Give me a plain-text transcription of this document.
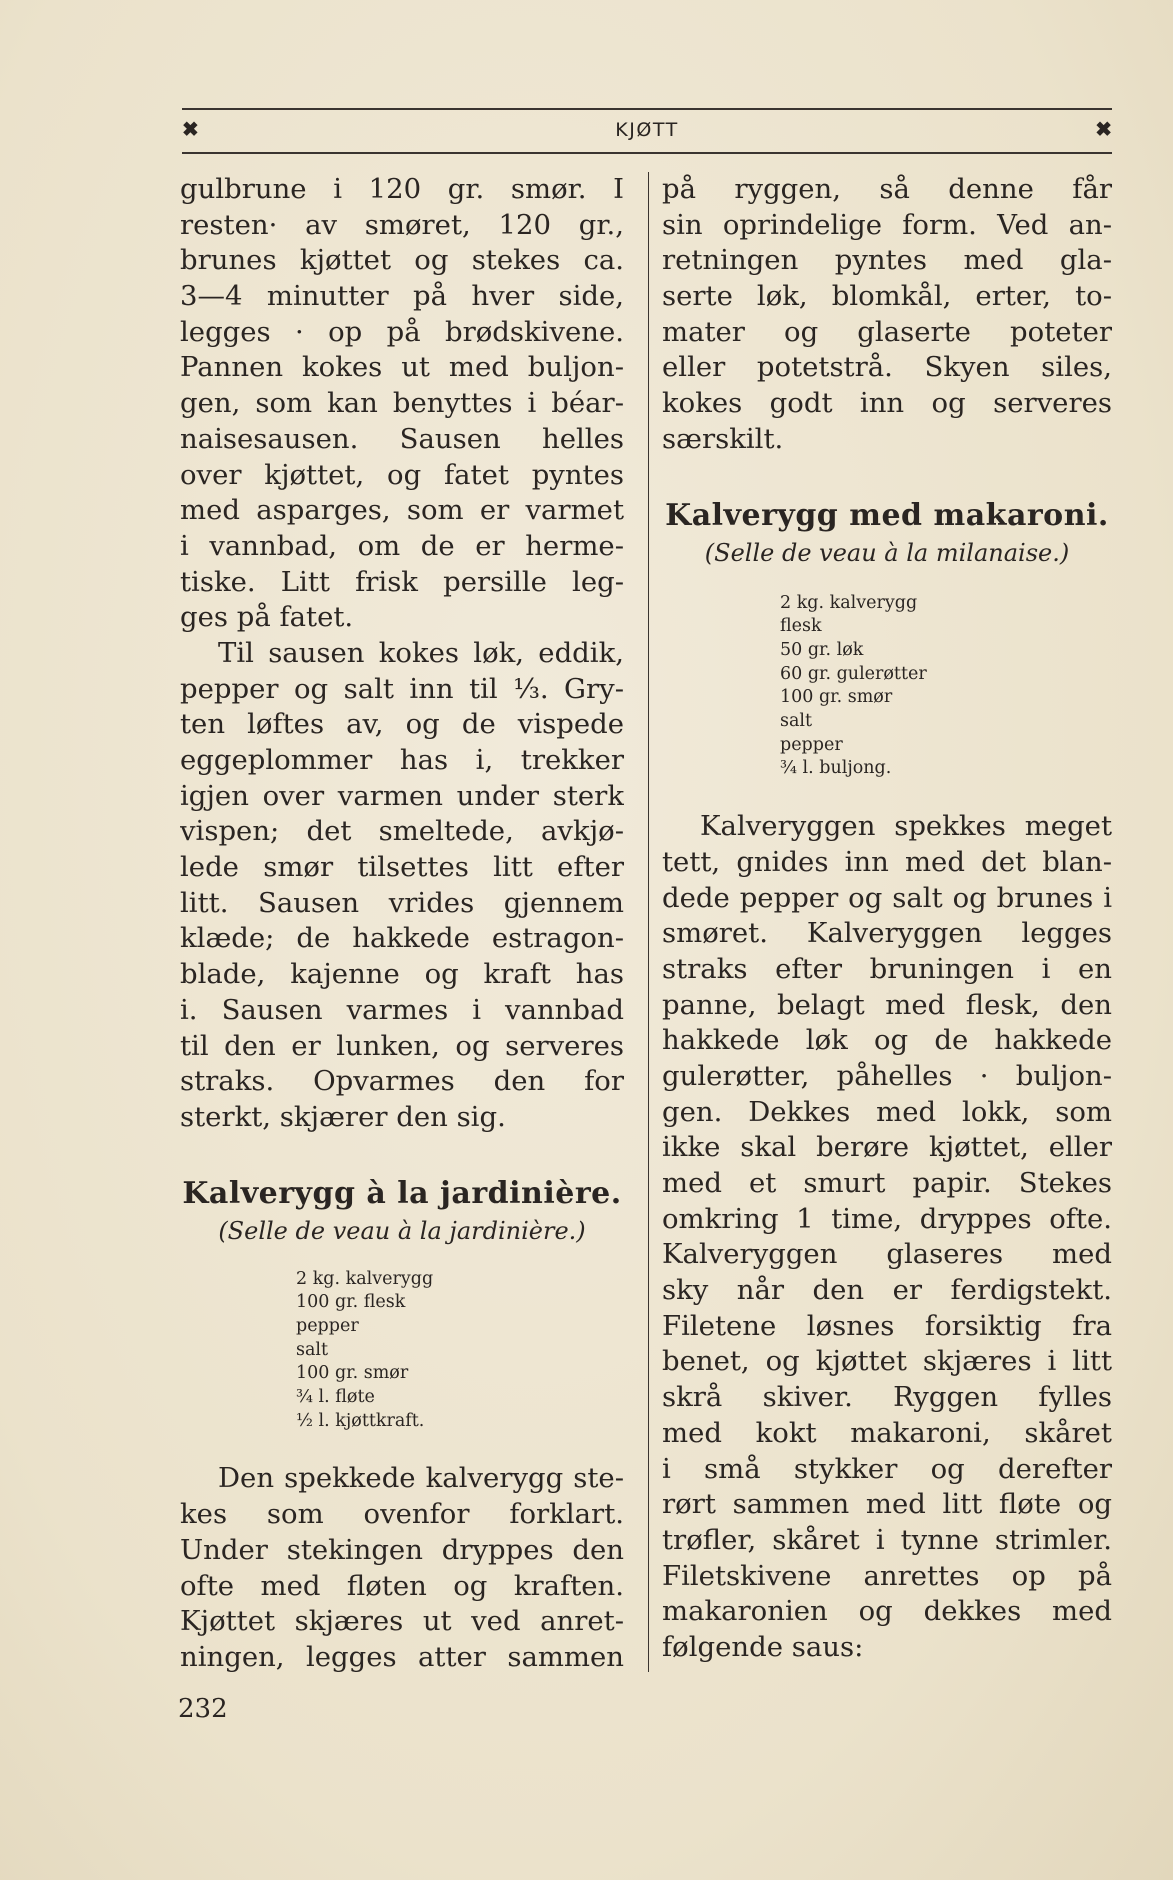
✖	KJØTT	✖
gulbrune i 120 gr. smør. I
resten· av smøret, 120 gr.,
brunes kjøttet og stekes ca.
3—4 minutter på hver side,
legges · op på brødskivene.
Pannen kokes ut med buljon-
gen, som kan benyttes i béar-
naisesausen. Sausen helles
over kjøttet, og fatet pyntes
med asparges, som er varmet
i vannbad, om de er herme-
tiske. Litt frisk persille leg-
ges på fatet.
Til sausen kokes løk, eddik,
pepper og salt inn til ⅓. Gry-
ten løftes av, og de vispede
eggeplommer has i, trekker
igjen over varmen under sterk
vispen; det smeltede, avkjø-
lede smør tilsettes litt efter
litt. Sausen vrides gjennem
klæde; de hakkede estragon-
blade, kajenne og kraft has
i. Sausen varmes i vannbad
til den er lunken, og serveres
straks. Opvarmes den for
sterkt, skjærer den sig.
Kalverygg à la jardinière.
(Selle de veau à la jardinière.)
2 kg. kalverygg
100 gr. flesk
pepper
salt
100 gr. smør
¾ l. fløte
½ l. kjøttkraft.
Den spekkede kalverygg ste-
kes som ovenfor forklart.
Under stekingen dryppes den
ofte med fløten og kraften.
Kjøttet skjæres ut ved anret-
ningen, legges atter sammen
på ryggen, så denne får
sin oprindelige form. Ved an-
retningen pyntes med gla-
serte løk, blomkål, erter, to-
mater og glaserte poteter
eller potetstrå. Skyen siles,
kokes godt inn og serveres
særskilt.
Kalverygg med makaroni.
(Selle de veau à la milanaise.)
2 kg. kalverygg
flesk
50 gr. løk
60 gr. gulerøtter
100 gr. smør
salt
pepper
¾ l. buljong.
Kalveryggen spekkes meget
tett, gnides inn med det blan-
dede pepper og salt og brunes i
smøret. Kalveryggen legges
straks efter bruningen i en
panne, belagt med flesk, den
hakkede løk og de hakkede
gulerøtter, påhelles · buljon-
gen. Dekkes med lokk, som
ikke skal berøre kjøttet, eller
med et smurt papir. Stekes
omkring 1 time, dryppes ofte.
Kalveryggen glaseres med
sky når den er ferdigstekt.
Filetene løsnes forsiktig fra
benet, og kjøttet skjæres i litt
skrå skiver. Ryggen fylles
med kokt makaroni, skåret
i små stykker og derefter
rørt sammen med litt fløte og
trøfler, skåret i tynne strimler.
Filetskivene anrettes op på
makaronien og dekkes med
følgende saus:
232
